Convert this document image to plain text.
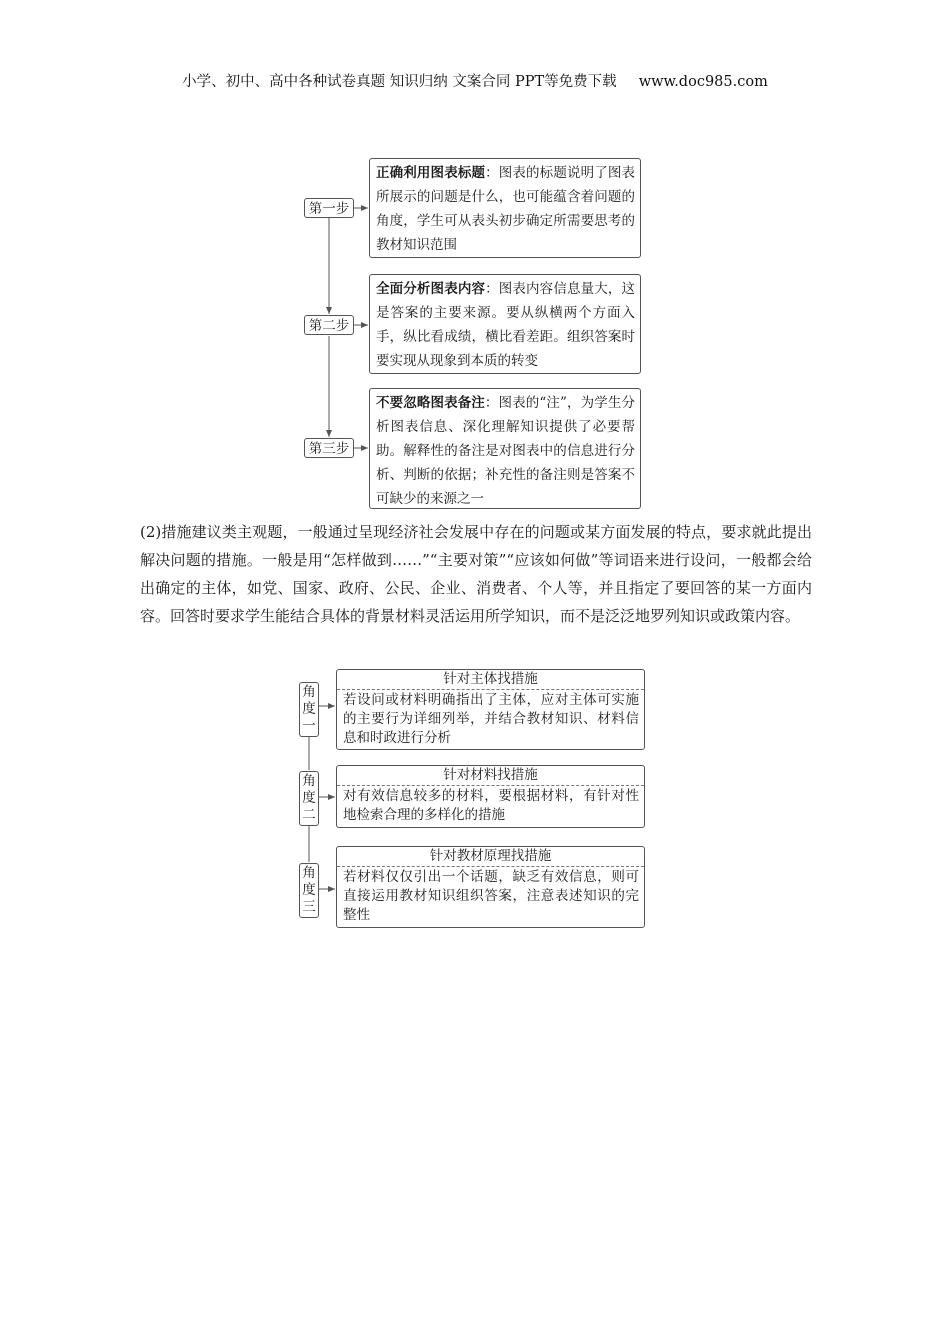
小学、初中、高中各种试卷真题 知识归纳 文案合同 PPT等免费下载 www.doc985.com
第一步
第二步
第三步
正确利用图表标题：图表的标题说明了图表所展示的问题是什么，也可能蕴含着问题的角度，学生可从表头初步确定所需要思考的教材知识范围
全面分析图表内容：图表内容信息量大，这是答案的主要来源。要从纵横两个方面入手，纵比看成绩，横比看差距。组织答案时要实现从现象到本质的转变
不要忽略图表备注：图表的“注”，为学生分析图表信息、深化理解知识提供了必要帮助。解释性的备注是对图表中的信息进行分析、判断的依据；补充性的备注则是答案不可缺少的来源之一
(2)措施建议类主观题，一般通过呈现经济社会发展中存在的问题或某方面发展的特点，要求就此提出解决问题的措施。一般是用“怎样做到……”“主要对策”“应该如何做”等词语来进行设问，一般都会给出确定的主体，如党、国家、政府、公民、企业、消费者、个人等，并且指定了要回答的某一方面内容。回答时要求学生能结合具体的背景材料灵活运用所学知识，而不是泛泛地罗列知识或政策内容。
角度一
角度二
角度三
针对主体找措施
若设问或材料明确指出了主体，应对主体可实施的主要行为详细列举，并结合教材知识、材料信息和时政进行分析
针对材料找措施
对有效信息较多的材料，要根据材料，有针对性地检索合理的多样化的措施
针对教材原理找措施
若材料仅仅引出一个话题，缺乏有效信息，则可直接运用教材知识组织答案，注意表述知识的完整性
